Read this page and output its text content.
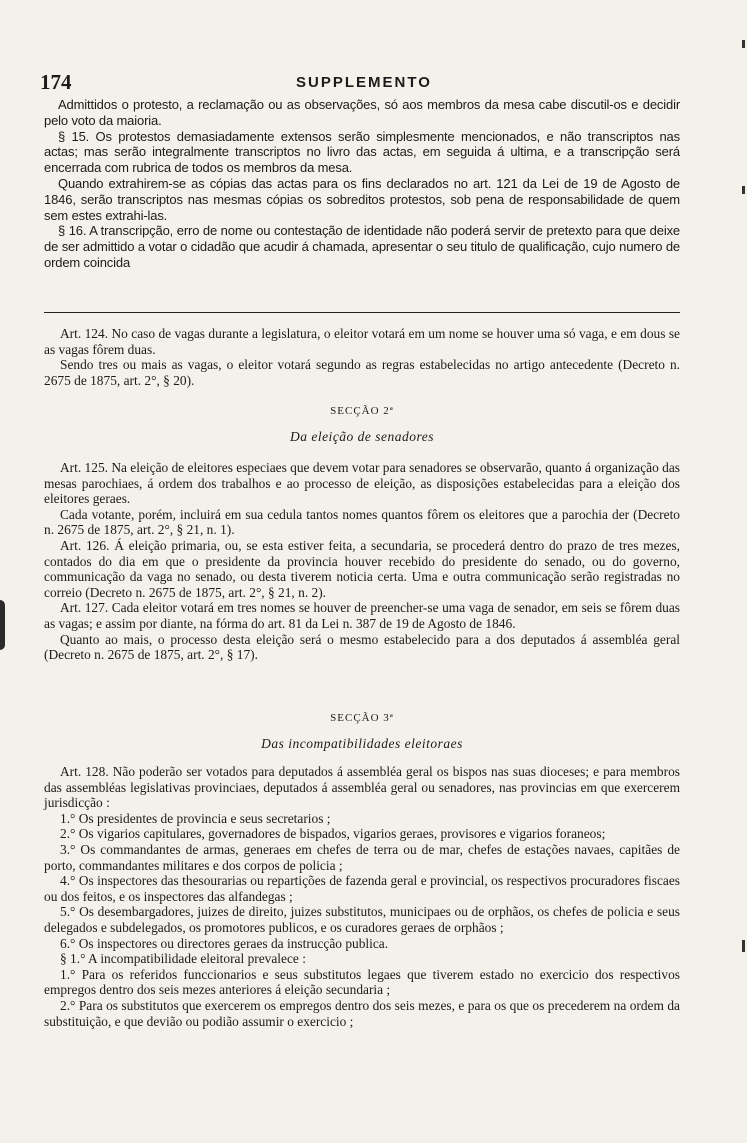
174	SUPPLEMENTO

Admittidos o protesto, a reclamação ou as observações, só aos membros da mesa cabe discutil-os e decidir pelo voto da maioria.

§ 15. Os protestos demasiadamente extensos serão simplesmente mencionados, e não transcriptos nas actas; mas serão integralmente transcriptos no livro das actas, em seguida á ultima, e a transcripção será encerrada com rubrica de todos os membros da mesa.

Quando extrahirem-se as cópias das actas para os fins declarados no art. 121 da Lei de 19 de Agosto de 1846, serão transcriptos nas mesmas cópias os sobreditos protestos, sob pena de responsabilidade de quem sem estes extrahi-las.

§ 16. A transcripção, erro de nome ou contestação de identidade não poderá servir de pretexto para que deixe de ser admittido a votar o cidadão que acudir á chamada, apresentar o seu titulo de qualificação, cujo numero de ordem coincida

Art. 124. No caso de vagas durante a legislatura, o eleitor votará em um nome se houver uma só vaga, e em dous se as vagas fôrem duas.

Sendo tres ou mais as vagas, o eleitor votará segundo as regras estabelecidas no artigo antecedente (Decreto n. 2675 de 1875, art. 2°, § 20).

SECÇÃO 2ª

Da eleição de senadores

Art. 125. Na eleição de eleitores especiaes que devem votar para senadores se observarão, quanto á organização das mesas parochiaes, á ordem dos trabalhos e ao processo de eleição, as disposições estabelecidas para a eleição dos eleitores geraes.

Cada votante, porém, incluirá em sua cedula tantos nomes quantos fôrem os eleitores que a parochia der (Decreto n. 2675 de 1875, art. 2°, § 21, n. 1).

Art. 126. Á eleição primaria, ou, se esta estiver feita, a secundaria, se procederá dentro do prazo de tres mezes, contados do dia em que o presidente da provincia houver recebido do presidente do senado, ou do governo, communicação da vaga no senado, ou desta tiverem noticia certa. Uma e outra communicação serão registradas no correio (Decreto n. 2675 de 1875, art. 2°, § 21, n. 2).

Art. 127. Cada eleitor votará em tres nomes se houver de preencher-se uma vaga de senador, em seis se fôrem duas as vagas; e assim por diante, na fórma do art. 81 da Lei n. 387 de 19 de Agosto de 1846.

Quanto ao mais, o processo desta eleição será o mesmo estabelecido para a dos deputados á assembléa geral (Decreto n. 2675 de 1875, art. 2°, § 17).

SECÇÃO 3ª

Das incompatibilidades eleitoraes

Art. 128. Não poderão ser votados para deputados á assembléa geral os bispos nas suas dioceses; e para membros das assembléas legislativas provinciaes, deputados á assembléa geral ou senadores, nas provincias em que exercerem jurisdicção :

1.° Os presidentes de provincia e seus secretarios ;

2.° Os vigarios capitulares, governadores de bispados, vigarios geraes, provisores e vigarios foraneos;

3.° Os commandantes de armas, generaes em chefes de terra ou de mar, chefes de estações navaes, capitães de porto, commandantes militares e dos corpos de policia ;

4.° Os inspectores das thesourarias ou repartições de fazenda geral e provincial, os respectivos procuradores fiscaes ou dos feitos, e os inspectores das alfandegas ;

5.° Os desembargadores, juizes de direito, juizes substitutos, municipaes ou de orphãos, os chefes de policia e seus delegados e subdelegados, os promotores publicos, e os curadores geraes de orphãos ;

6.° Os inspectores ou directores geraes da instrucção publica.

§ 1.° A incompatibilidade eleitoral prevalece :

1.° Para os referidos funccionarios e seus substitutos legaes que tiverem estado no exercicio dos respectivos empregos dentro dos seis mezes anteriores á eleição secundaria ;

2.° Para os substitutos que exercerem os empregos dentro dos seis mezes, e para os que os precederem na ordem da substituição, e que devião ou podião assumir o exercicio ;
